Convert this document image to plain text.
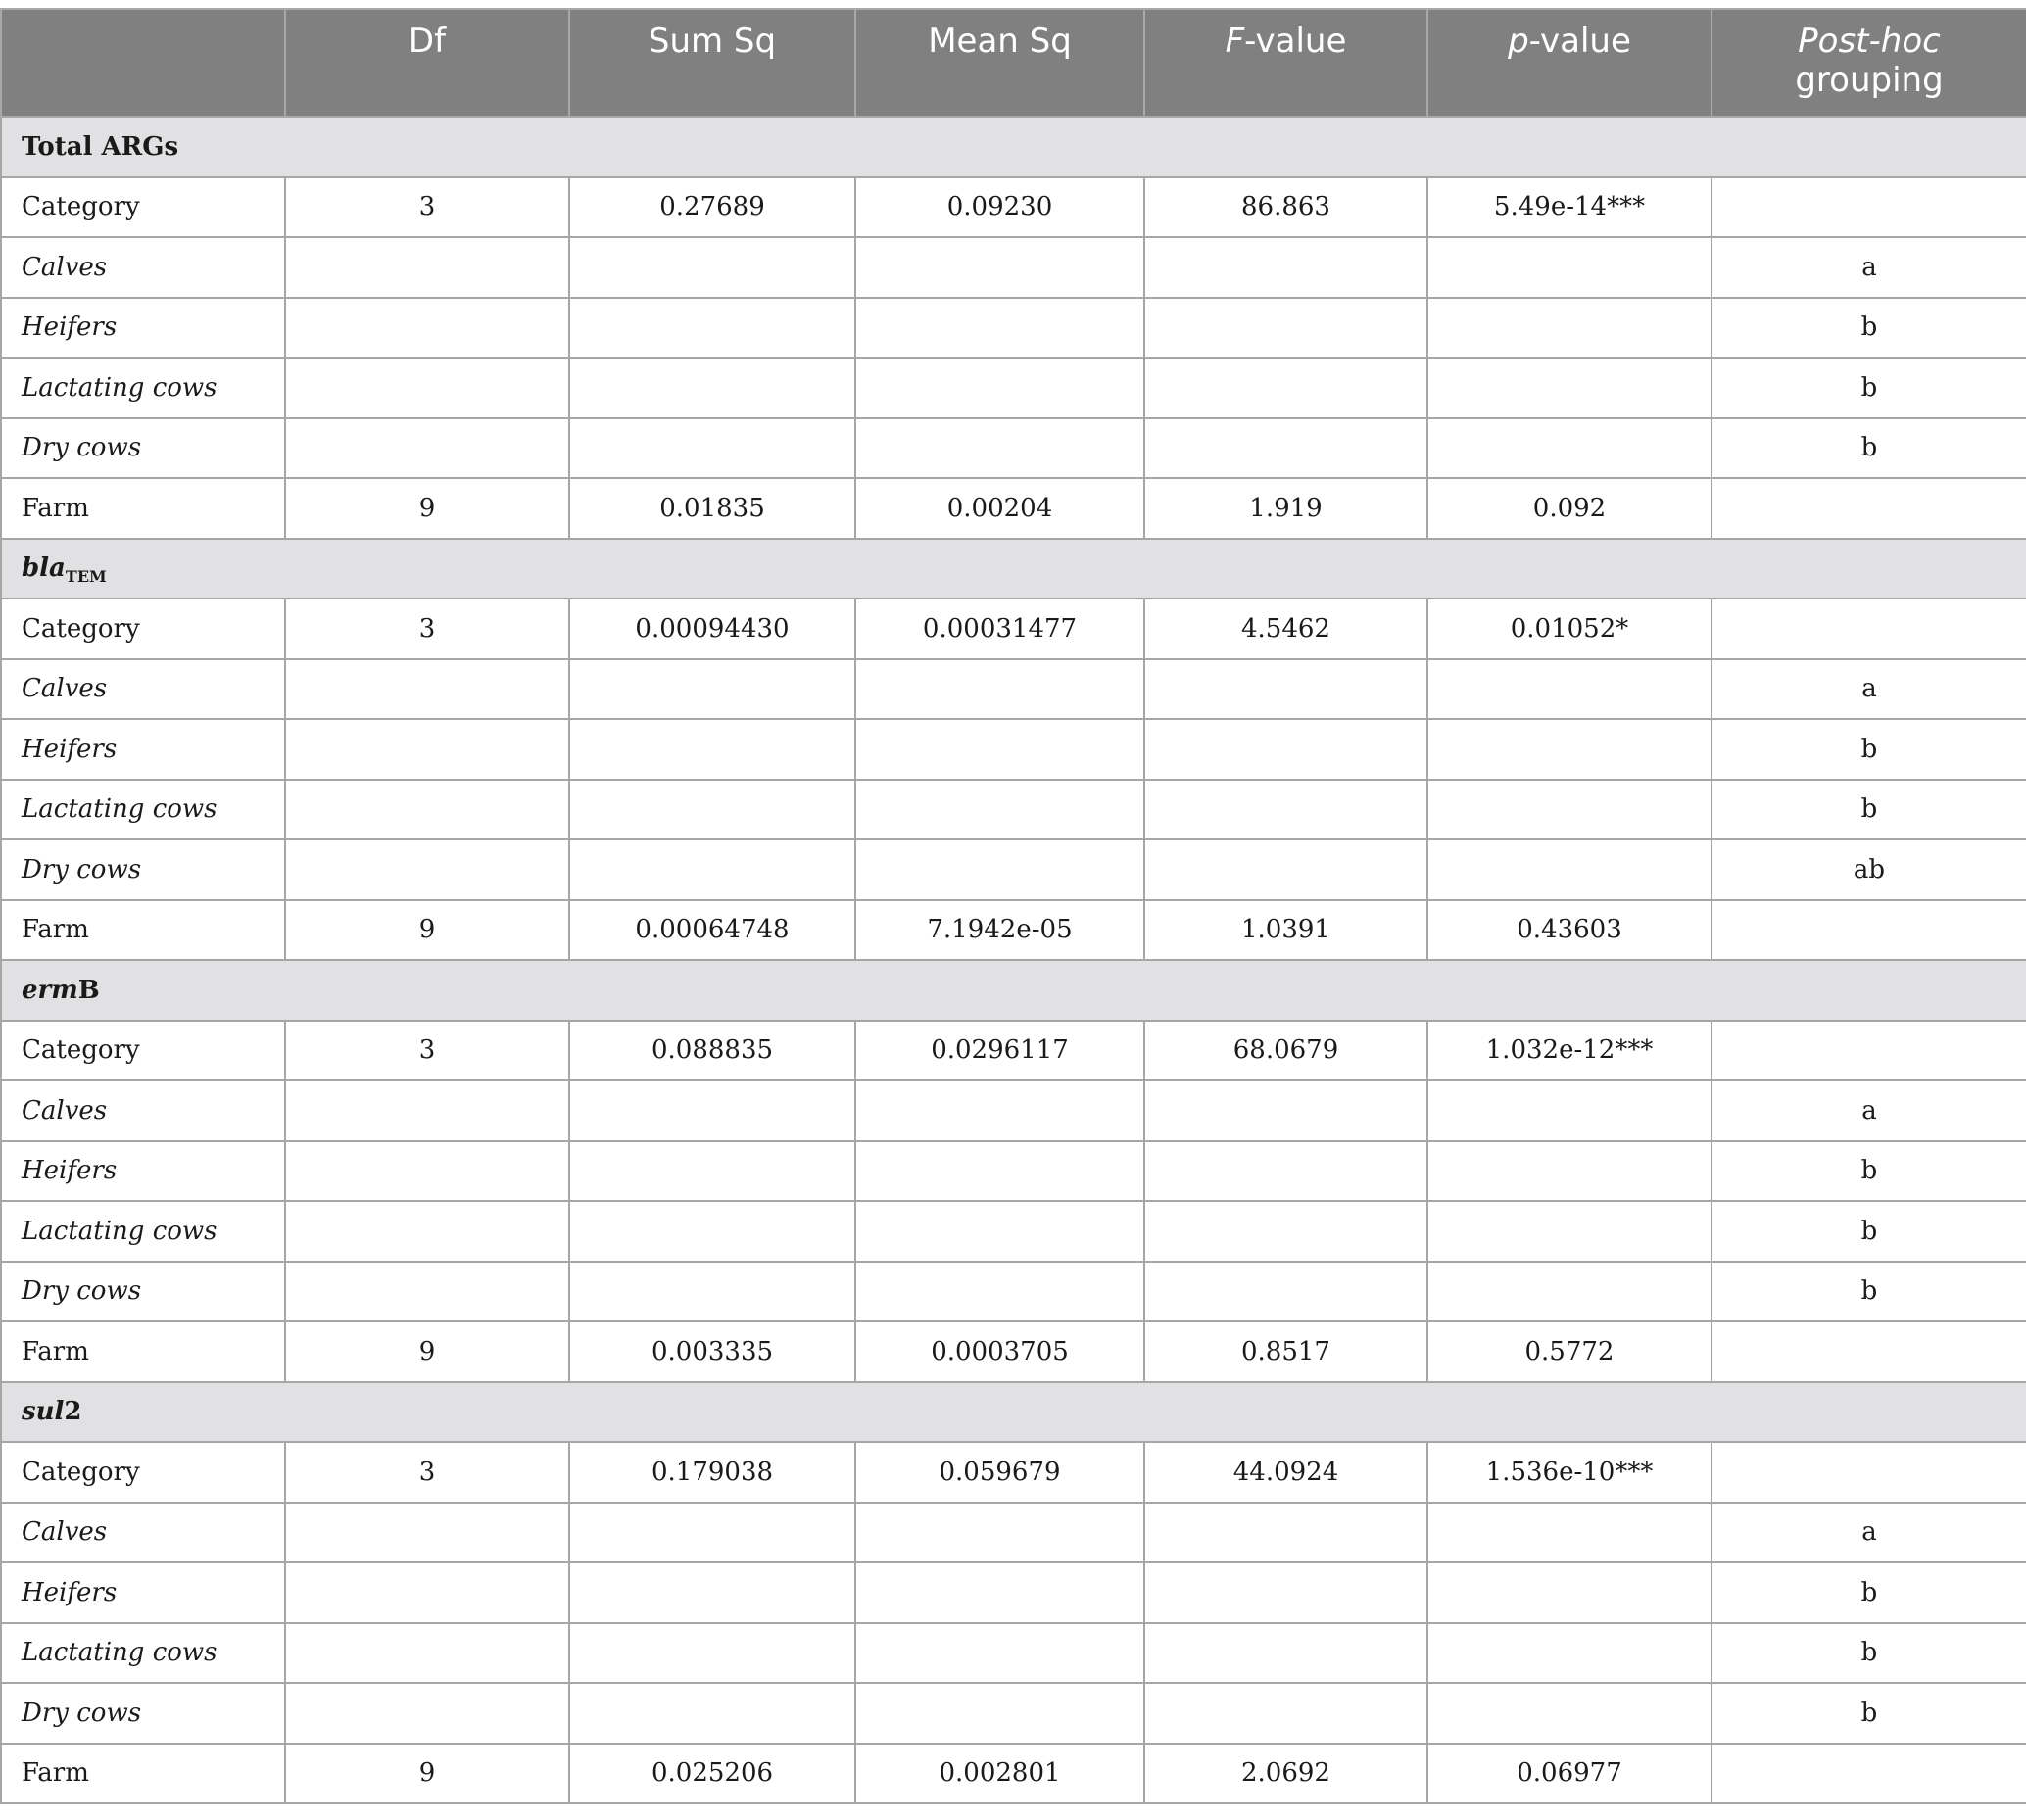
	Df	Sum Sq	Mean Sq	F-value	p-value	Post-hoc
grouping
Total ARGs						
Category	3	0.27689	0.09230	86.863	5.49e-14***	
Calves						a
Heifers						b
Lactating cows						b
Dry cows						b
Farm	9	0.01835	0.00204	1.919	0.092	
bla$_{TEM}$
Category	3	0.00094430	0.00031477	4.5462	0.01052*	
Calves						a
Heifers						b
Lactating cows						b
Dry cows						ab
Farm	9	0.00064748	7.1942e-05	1.0391	0.43603	
ermB						
Category	3	0.088835	0.0296117	68.0679	1.032e-12***	
Calves						a
Heifers						b
Lactating cows						b
Dry cows						b
Farm	9	0.003335	0.0003705	0.8517	0.5772	
sul2						
Category	3	0.179038	0.059679	44.0924	1.536e-10***	
Calves						a
Heifers						b
Lactating cows						b
Dry cows						b
Farm	9	0.025206	0.002801	2.0692	0.06977	
